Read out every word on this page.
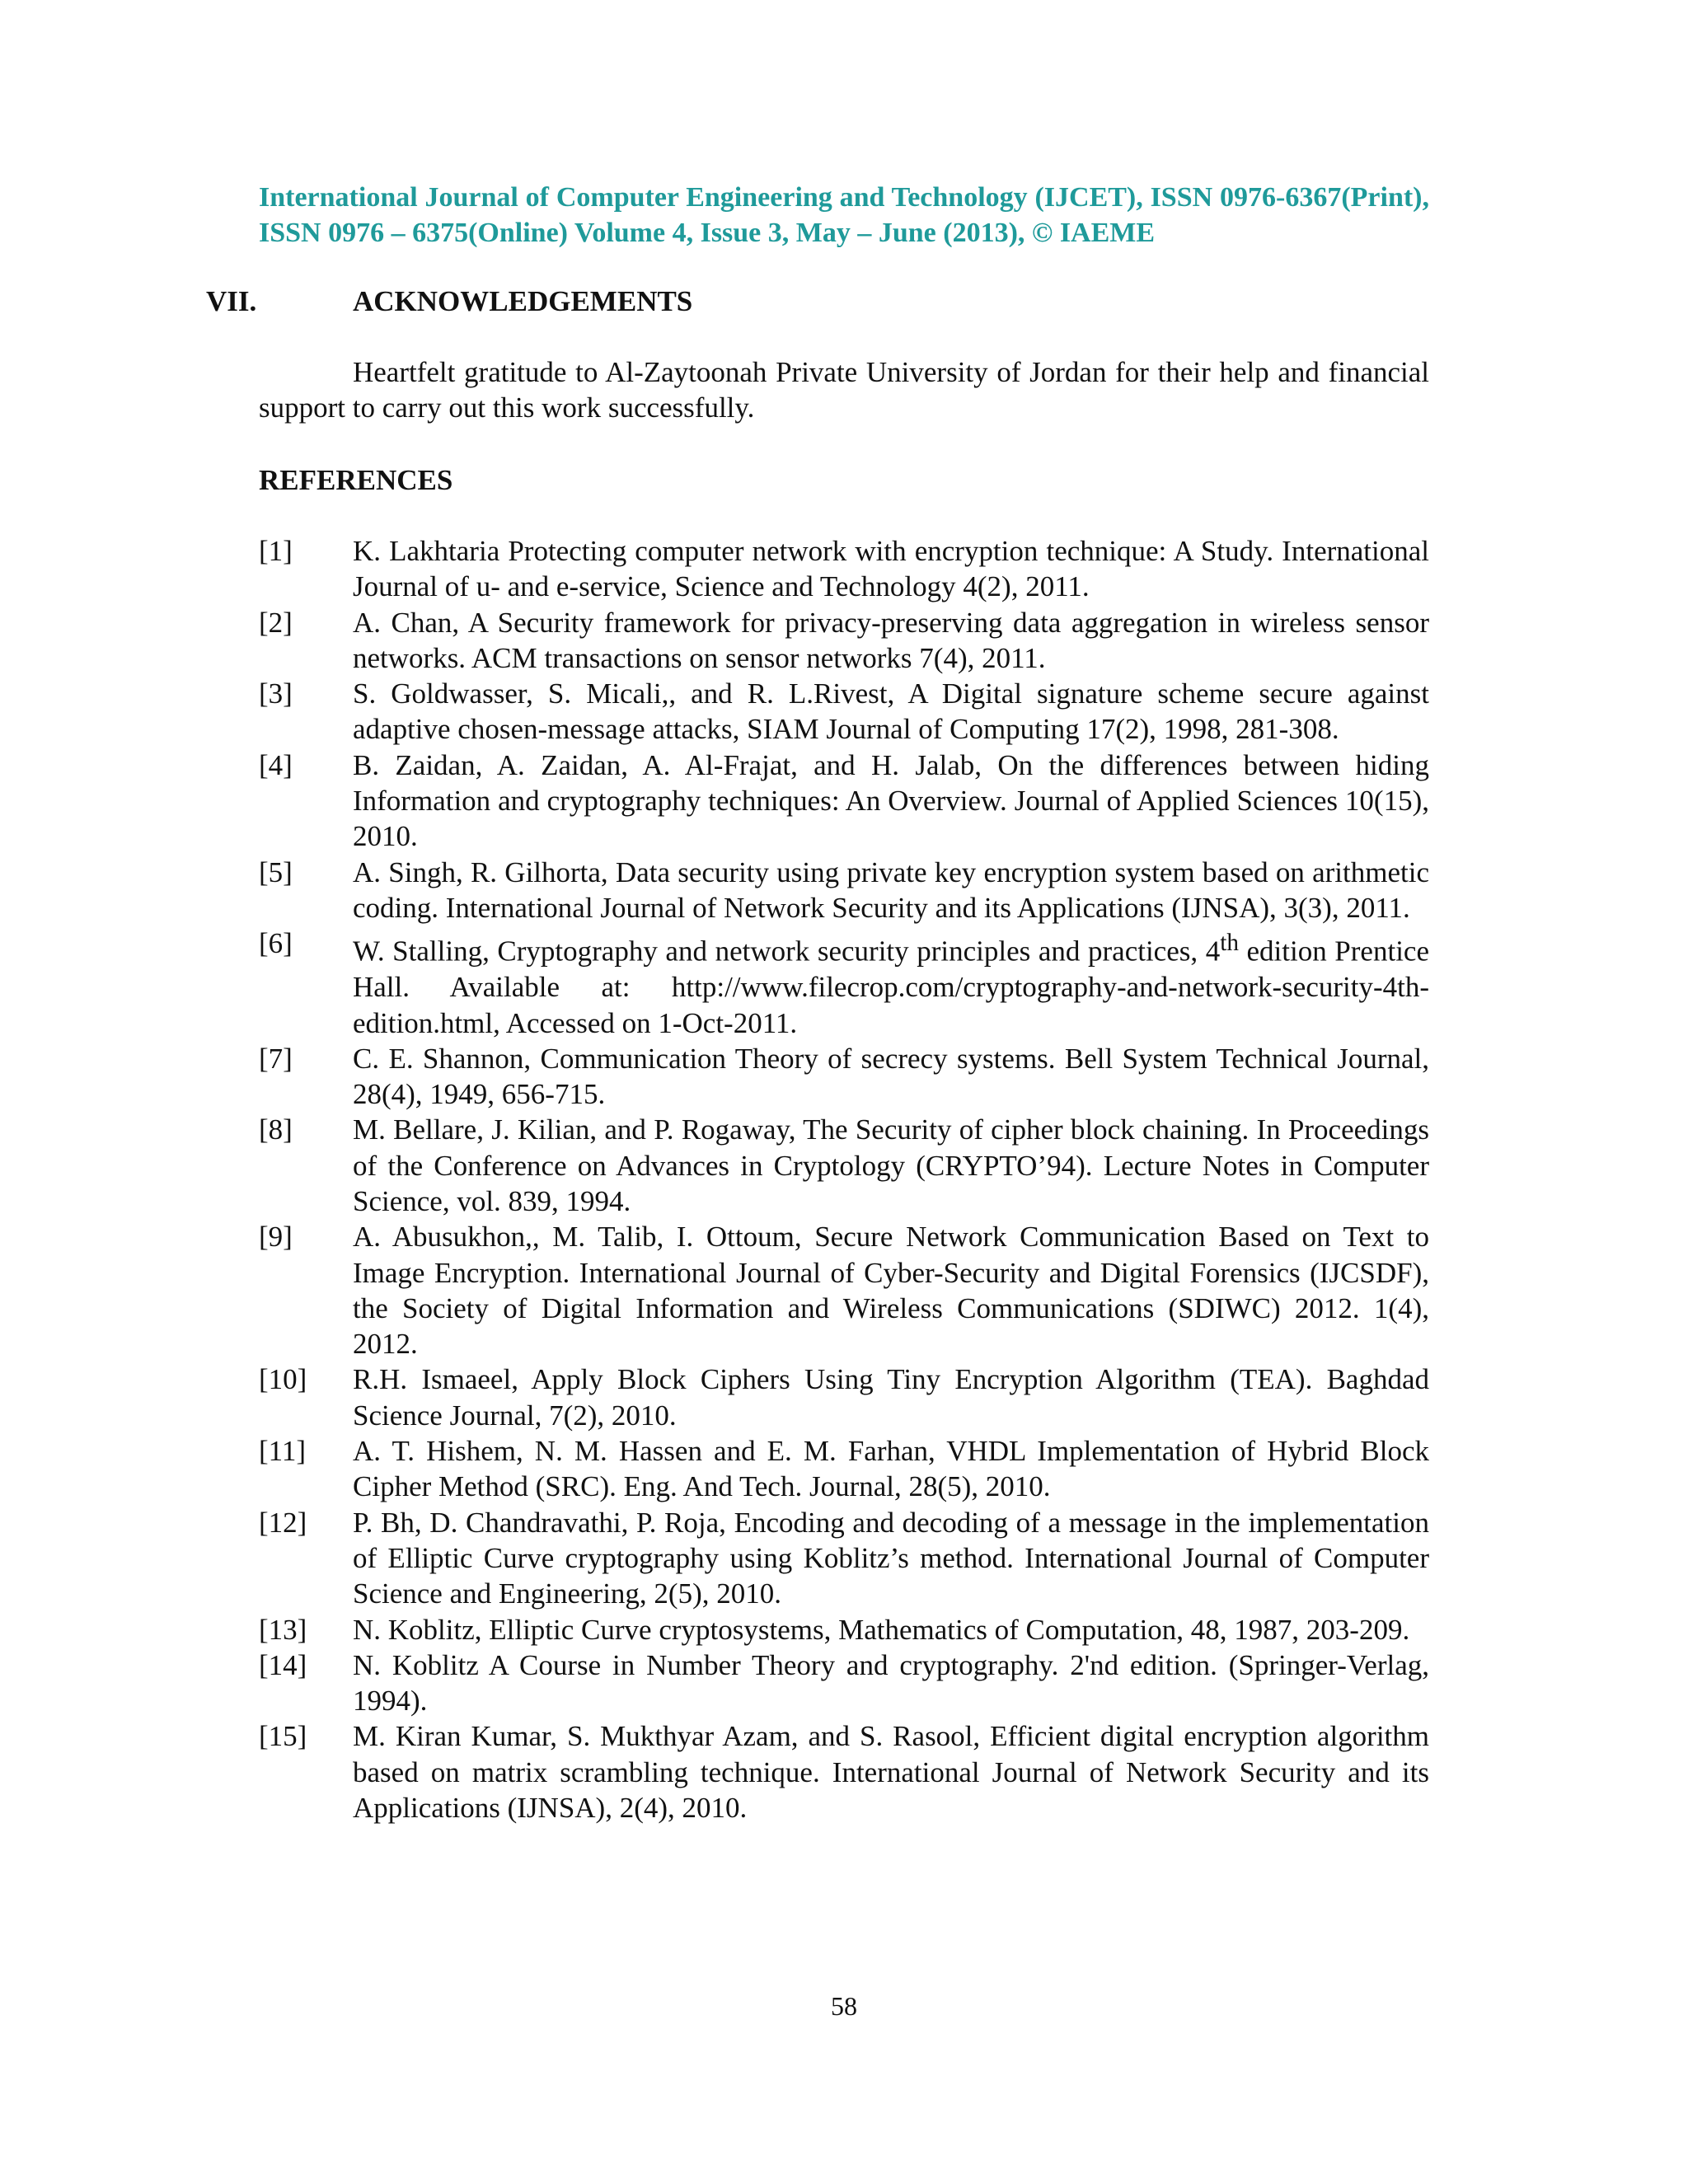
International Journal of Computer Engineering and Technology (IJCET), ISSN 0976-6367(Print), ISSN 0976 – 6375(Online) Volume 4, Issue 3, May – June (2013), © IAEME
VII.	ACKNOWLEDGEMENTS
Heartfelt gratitude to Al-Zaytoonah Private University of Jordan for their help and financial support to carry out this work successfully.
REFERENCES
[1]	K. Lakhtaria Protecting computer network with encryption technique: A Study. International Journal of u- and e-service, Science and Technology 4(2), 2011.
[2]	A. Chan, A Security framework for privacy-preserving data aggregation in wireless sensor networks. ACM transactions on sensor networks 7(4), 2011.
[3]	S. Goldwasser, S. Micali,, and R. L.Rivest, A Digital signature scheme secure against adaptive chosen-message attacks, SIAM Journal of Computing 17(2), 1998, 281-308.
[4]	B. Zaidan, A. Zaidan, A. Al-Frajat, and H. Jalab, On the differences between hiding Information and cryptography techniques: An Overview. Journal of Applied Sciences 10(15), 2010.
[5]	A. Singh, R. Gilhorta, Data security using private key encryption system based on arithmetic coding. International Journal of Network Security and its Applications (IJNSA), 3(3), 2011.
[6]	W. Stalling, Cryptography and network security principles and practices, 4th edition Prentice Hall. Available at: http://www.filecrop.com/cryptography-and-network-security-4th-edition.html, Accessed on 1-Oct-2011.
[7]	C. E. Shannon, Communication Theory of secrecy systems. Bell System Technical Journal, 28(4), 1949, 656-715.
[8]	M. Bellare, J. Kilian, and P. Rogaway, The Security of cipher block chaining. In Proceedings of the Conference on Advances in Cryptology (CRYPTO’94). Lecture Notes in Computer Science, vol. 839, 1994.
[9]	A. Abusukhon,, M. Talib, I. Ottoum, Secure Network Communication Based on Text to Image Encryption. International Journal of Cyber-Security and Digital Forensics (IJCSDF), the Society of Digital Information and Wireless Communications (SDIWC) 2012. 1(4), 2012.
[10]	R.H. Ismaeel, Apply Block Ciphers Using Tiny Encryption Algorithm (TEA). Baghdad Science Journal, 7(2), 2010.
[11]	A. T. Hishem, N. M. Hassen and E. M. Farhan, VHDL Implementation of Hybrid Block Cipher Method (SRC). Eng. And Tech. Journal, 28(5), 2010.
[12]	P. Bh, D. Chandravathi, P. Roja, Encoding and decoding of a message in the implementation of Elliptic Curve cryptography using Koblitz’s method. International Journal of Computer Science and Engineering, 2(5), 2010.
[13]	N. Koblitz, Elliptic Curve cryptosystems, Mathematics of Computation, 48, 1987, 203-209.
[14]	N. Koblitz A Course in Number Theory and cryptography. 2'nd edition. (Springer-Verlag, 1994).
[15]	M. Kiran Kumar, S. Mukthyar Azam, and S. Rasool, Efficient digital encryption algorithm based on matrix scrambling technique. International Journal of Network Security and its Applications (IJNSA), 2(4), 2010.
58
